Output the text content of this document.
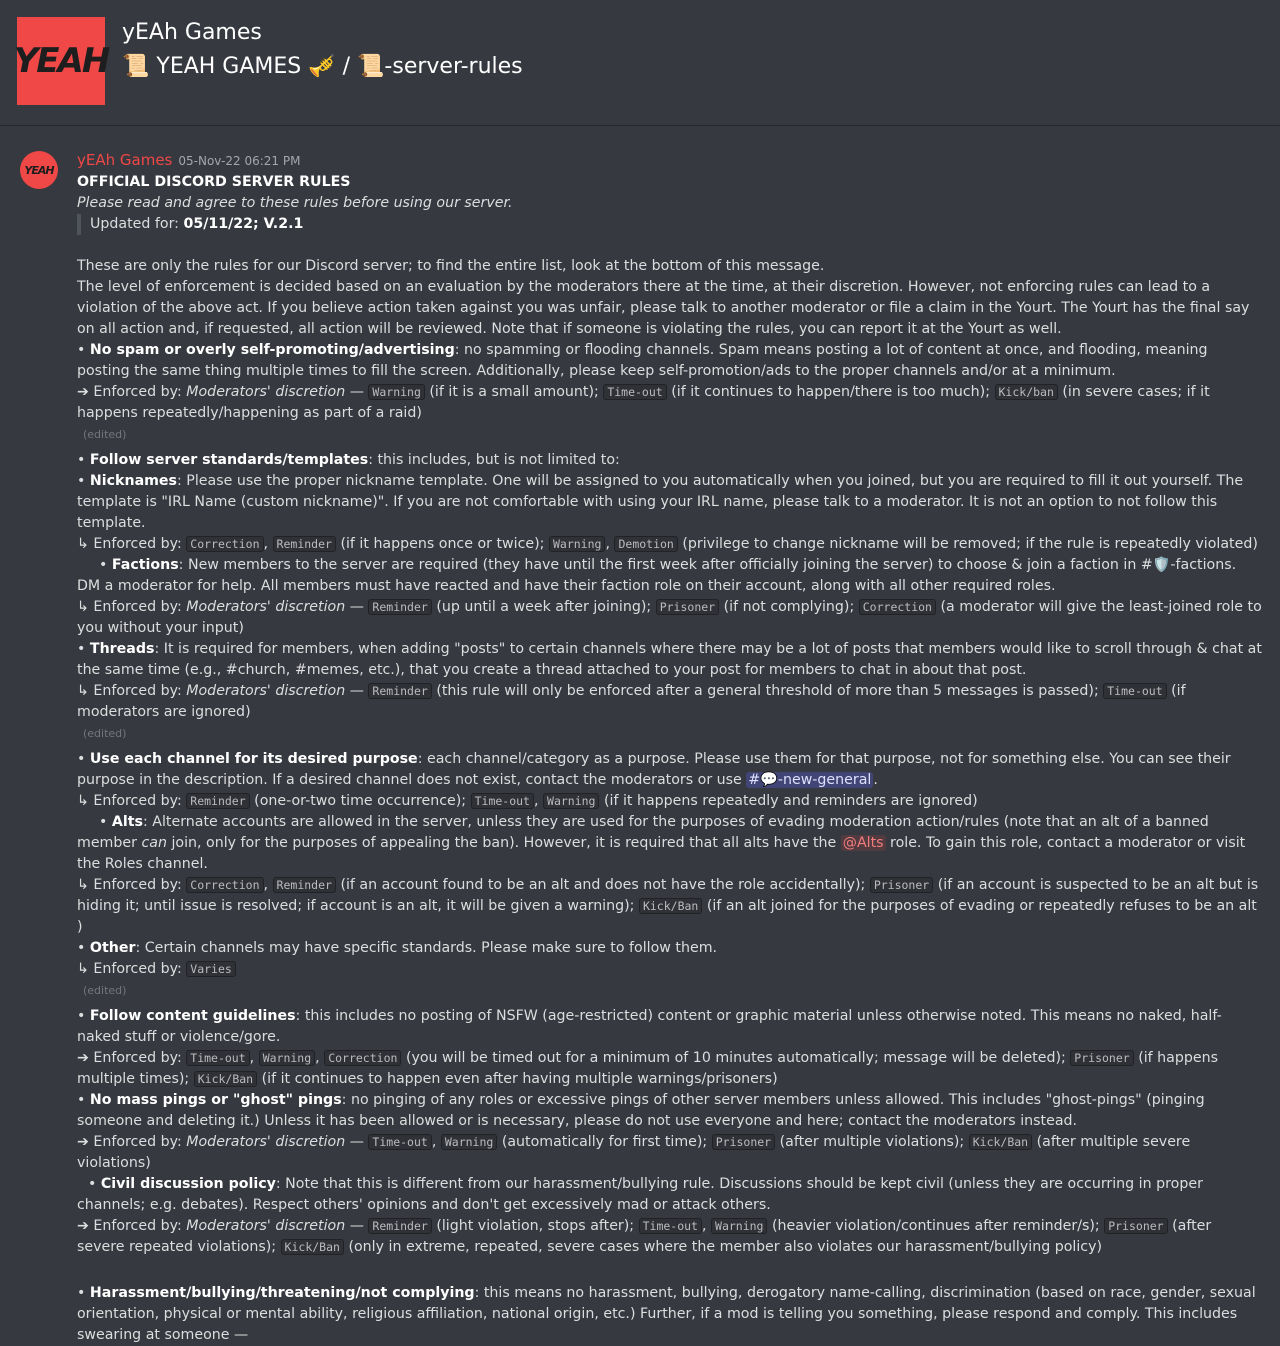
YEAH
yEAh Games
📜 YEAH GAMES 🎺 / 📜-server-rules
YEAH
yEAh Games 05-Nov-22 06:21 PM

OFFICIAL DISCORD SERVER RULES

Please read and agree to these rules before using our server.

Updated for: 05/11/22; V.2.1

These are only the rules for our Discord server; to find the entire list, look at the bottom of this message.

The level of enforcement is decided based on an evaluation by the moderators there at the time, at their discretion. However, not enforcing rules can lead to a violation of the above act. If you believe action taken against you was unfair, please talk to another moderator or file a claim in the Yourt. The Yourt has the final say on all action and, if requested, all action will be reviewed. Note that if someone is violating the rules, you can report it at the Yourt as well.

• No spam or overly self-promoting/advertising: no spamming or flooding channels. Spam means posting a lot of content at once, and flooding, meaning posting the same thing multiple times to fill the screen. Additionally, please keep self-promotion/ads to the proper channels and/or at a minimum.

➔ Enforced by: Moderators' discretion — Warning (if it is a small amount); Time-out (if it continues to happen/there is too much); Kick/ban (in severe cases; if it happens repeatedly/happening as part of a raid)

(edited)

• Follow server standards/templates: this includes, but is not limited to:

• Nicknames: Please use the proper nickname template. One will be assigned to you automatically when you joined, but you are required to fill it out yourself. The template is "IRL Name (custom nickname)". If you are not comfortable with using your IRL name, please talk to a moderator. It is not an option to not follow this template.

↳ Enforced by: Correction , Reminder (if it happens once or twice); Warning , Demotion (privilege to change nickname will be removed; if the rule is repeatedly violated)

• Factions: New members to the server are required (they have until the first week after officially joining the server) to choose & join a faction in #🛡️-factions. DM a moderator for help. All members must have reacted and have their faction role on their account, along with all other required roles.

↳ Enforced by: Moderators' discretion — Reminder (up until a week after joining); Prisoner (if not complying); Correction (a moderator will give the least-joined role to you without your input)

• Threads: It is required for members, when adding "posts" to certain channels where there may be a lot of posts that members would like to scroll through & chat at the same time (e.g., #church, #memes, etc.), that you create a thread attached to your post for members to chat in about that post.

↳ Enforced by: Moderators' discretion — Reminder (this rule will only be enforced after a general threshold of more than 5 messages is passed); Time-out (if moderators are ignored)

(edited)

• Use each channel for its desired purpose: each channel/category as a purpose. Please use them for that purpose, not for something else. You can see their purpose in the description. If a desired channel does not exist, contact the moderators or use #💬-new-general .

↳ Enforced by: Reminder (one-or-two time occurrence); Time-out , Warning (if it happens repeatedly and reminders are ignored)

• Alts: Alternate accounts are allowed in the server, unless they are used for the purposes of evading moderation action/rules (note that an alt of a banned member can join, only for the purposes of appealing the ban). However, it is required that all alts have the @Alts role. To gain this role, contact a moderator or visit the Roles channel.

↳ Enforced by: Correction , Reminder (if an account found to be an alt and does not have the role accidentally); Prisoner (if an account is suspected to be an alt but is hiding it; until issue is resolved; if account is an alt, it will be given a warning); Kick/Ban (if an alt joined for the purposes of evading or repeatedly refuses to be an alt )

• Other: Certain channels may have specific standards. Please make sure to follow them.

↳ Enforced by: Varies

(edited)

• Follow content guidelines: this includes no posting of NSFW (age-restricted) content or graphic material unless otherwise noted. This means no naked, half-naked stuff or violence/gore.

➔ Enforced by: Time-out , Warning , Correction (you will be timed out for a minimum of 10 minutes automatically; message will be deleted); Prisoner (if happens multiple times); Kick/Ban (if it continues to happen even after having multiple warnings/prisoners)

• No mass pings or "ghost" pings: no pinging of any roles or excessive pings of other server members unless allowed. This includes "ghost-pings" (pinging someone and deleting it.) Unless it has been allowed or is necessary, please do not use everyone and here; contact the moderators instead.

➔ Enforced by: Moderators' discretion — Time-out , Warning (automatically for first time); Prisoner (after multiple violations); Kick/Ban (after multiple severe violations)

• Civil discussion policy: Note that this is different from our harassment/bullying rule. Discussions should be kept civil (unless they are occurring in proper channels; e.g. debates). Respect others' opinions and don't get excessively mad or attack others.

➔ Enforced by: Moderators' discretion — Reminder (light violation, stops after); Time-out , Warning (heavier violation/continues after reminder/s); Prisoner (after severe repeated violations); Kick/Ban (only in extreme, repeated, severe cases where the member also violates our harassment/bullying policy)

• Harassment/bullying/threatening/not complying: this means no harassment, bullying, derogatory name-calling, discrimination (based on race, gender, sexual orientation, physical or mental ability, religious affiliation, national origin, etc.) Further, if a mod is telling you something, please respond and comply. This includes swearing at someone —
